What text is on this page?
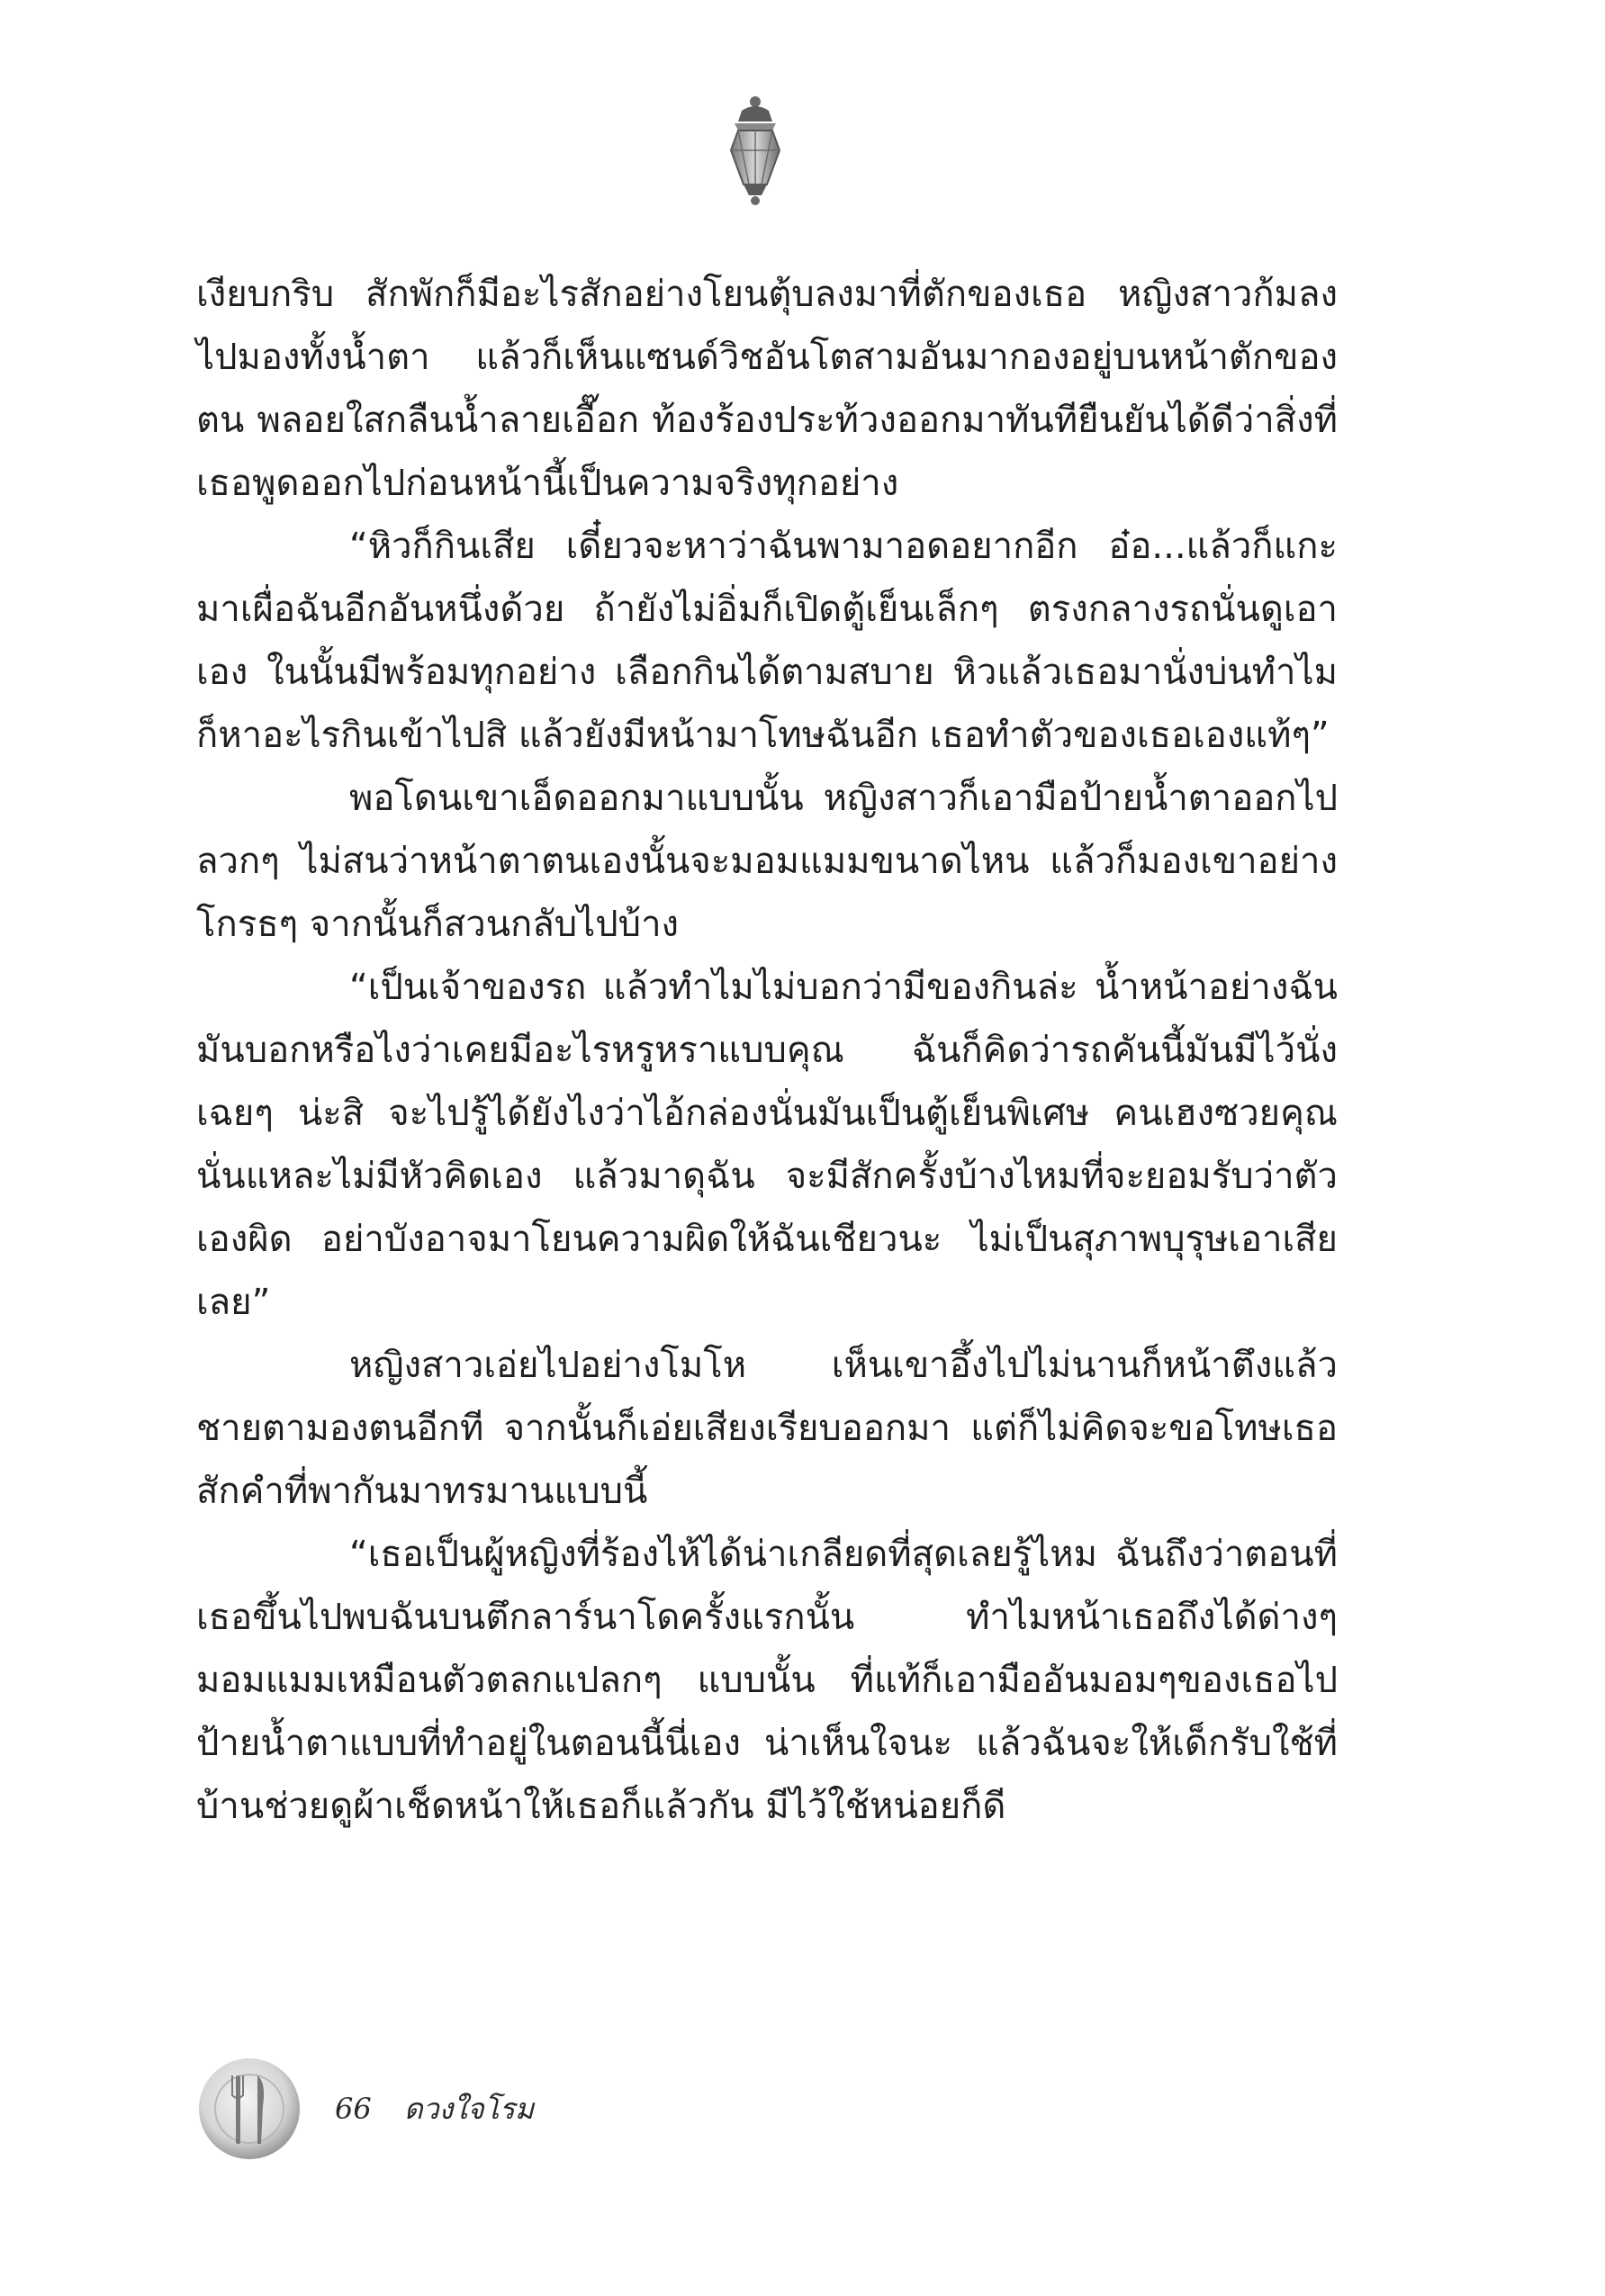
เงียบกริบ สักพักก็มีอะไรสักอย่างโยนตุ้บลงมาที่ตักของเธอ หญิงสาวก้มลงไปมองทั้งน้ำตา แล้วก็เห็นแซนด์วิชอันโตสามอันมากองอยู่บนหน้าตักของตน พลอยใสกลืนน้ำลายเอื๊อก ท้องร้องประท้วงออกมาทันทียืนยันได้ดีว่าสิ่งที่เธอพูดออกไปก่อนหน้านี้เป็นความจริงทุกอย่าง

“หิวก็กินเสีย เดี๋ยวจะหาว่าฉันพามาอดอยากอีก อ๋อ...แล้วก็แกะมาเผื่อฉันอีกอันหนึ่งด้วย ถ้ายังไม่อิ่มก็เปิดตู้เย็นเล็กๆ ตรงกลางรถนั่นดูเอาเอง ในนั้นมีพร้อมทุกอย่าง เลือกกินได้ตามสบาย หิวแล้วเธอมานั่งบ่นทำไม ก็หาอะไรกินเข้าไปสิ แล้วยังมีหน้ามาโทษฉันอีก เธอทำตัวของเธอเองแท้ๆ”

พอโดนเขาเอ็ดออกมาแบบนั้น หญิงสาวก็เอามือป้ายน้ำตาออกไปลวกๆ ไม่สนว่าหน้าตาตนเองนั้นจะมอมแมมขนาดไหน แล้วก็มองเขาอย่างโกรธๆ จากนั้นก็สวนกลับไปบ้าง

“เป็นเจ้าของรถ แล้วทำไมไม่บอกว่ามีของกินล่ะ น้ำหน้าอย่างฉันมันบอกหรือไงว่าเคยมีอะไรหรูหราแบบคุณ ฉันก็คิดว่ารถคันนี้มันมีไว้นั่งเฉยๆ น่ะสิ จะไปรู้ได้ยังไงว่าไอ้กล่องนั่นมันเป็นตู้เย็นพิเศษ คนเฮงซวยคุณนั่นแหละไม่มีหัวคิดเอง แล้วมาดุฉัน จะมีสักครั้งบ้างไหมที่จะยอมรับว่าตัวเองผิด อย่าบังอาจมาโยนความผิดให้ฉันเชียวนะ ไม่เป็นสุภาพบุรุษเอาเสียเลย”

หญิงสาวเอ่ยไปอย่างโมโห เห็นเขาอึ้งไปไม่นานก็หน้าตึงแล้วชายตามองตนอีกที จากนั้นก็เอ่ยเสียงเรียบออกมา แต่ก็ไม่คิดจะขอโทษเธอสักคำที่พากันมาทรมานแบบนี้

“เธอเป็นผู้หญิงที่ร้องไห้ได้น่าเกลียดที่สุดเลยรู้ไหม ฉันถึงว่าตอนที่เธอขึ้นไปพบฉันบนตึกลาร์นาโดครั้งแรกนั้น ทำไมหน้าเธอถึงได้ด่างๆ มอมแมมเหมือนตัวตลกแปลกๆ แบบนั้น ที่แท้ก็เอามืออันมอมๆของเธอไปป้ายน้ำตาแบบที่ทำอยู่ในตอนนี้นี่เอง น่าเห็นใจนะ แล้วฉันจะให้เด็กรับใช้ที่บ้านช่วยดูผ้าเช็ดหน้าให้เธอก็แล้วกัน มีไว้ใช้หน่อยก็ดี

66 ดวงใจโรม
